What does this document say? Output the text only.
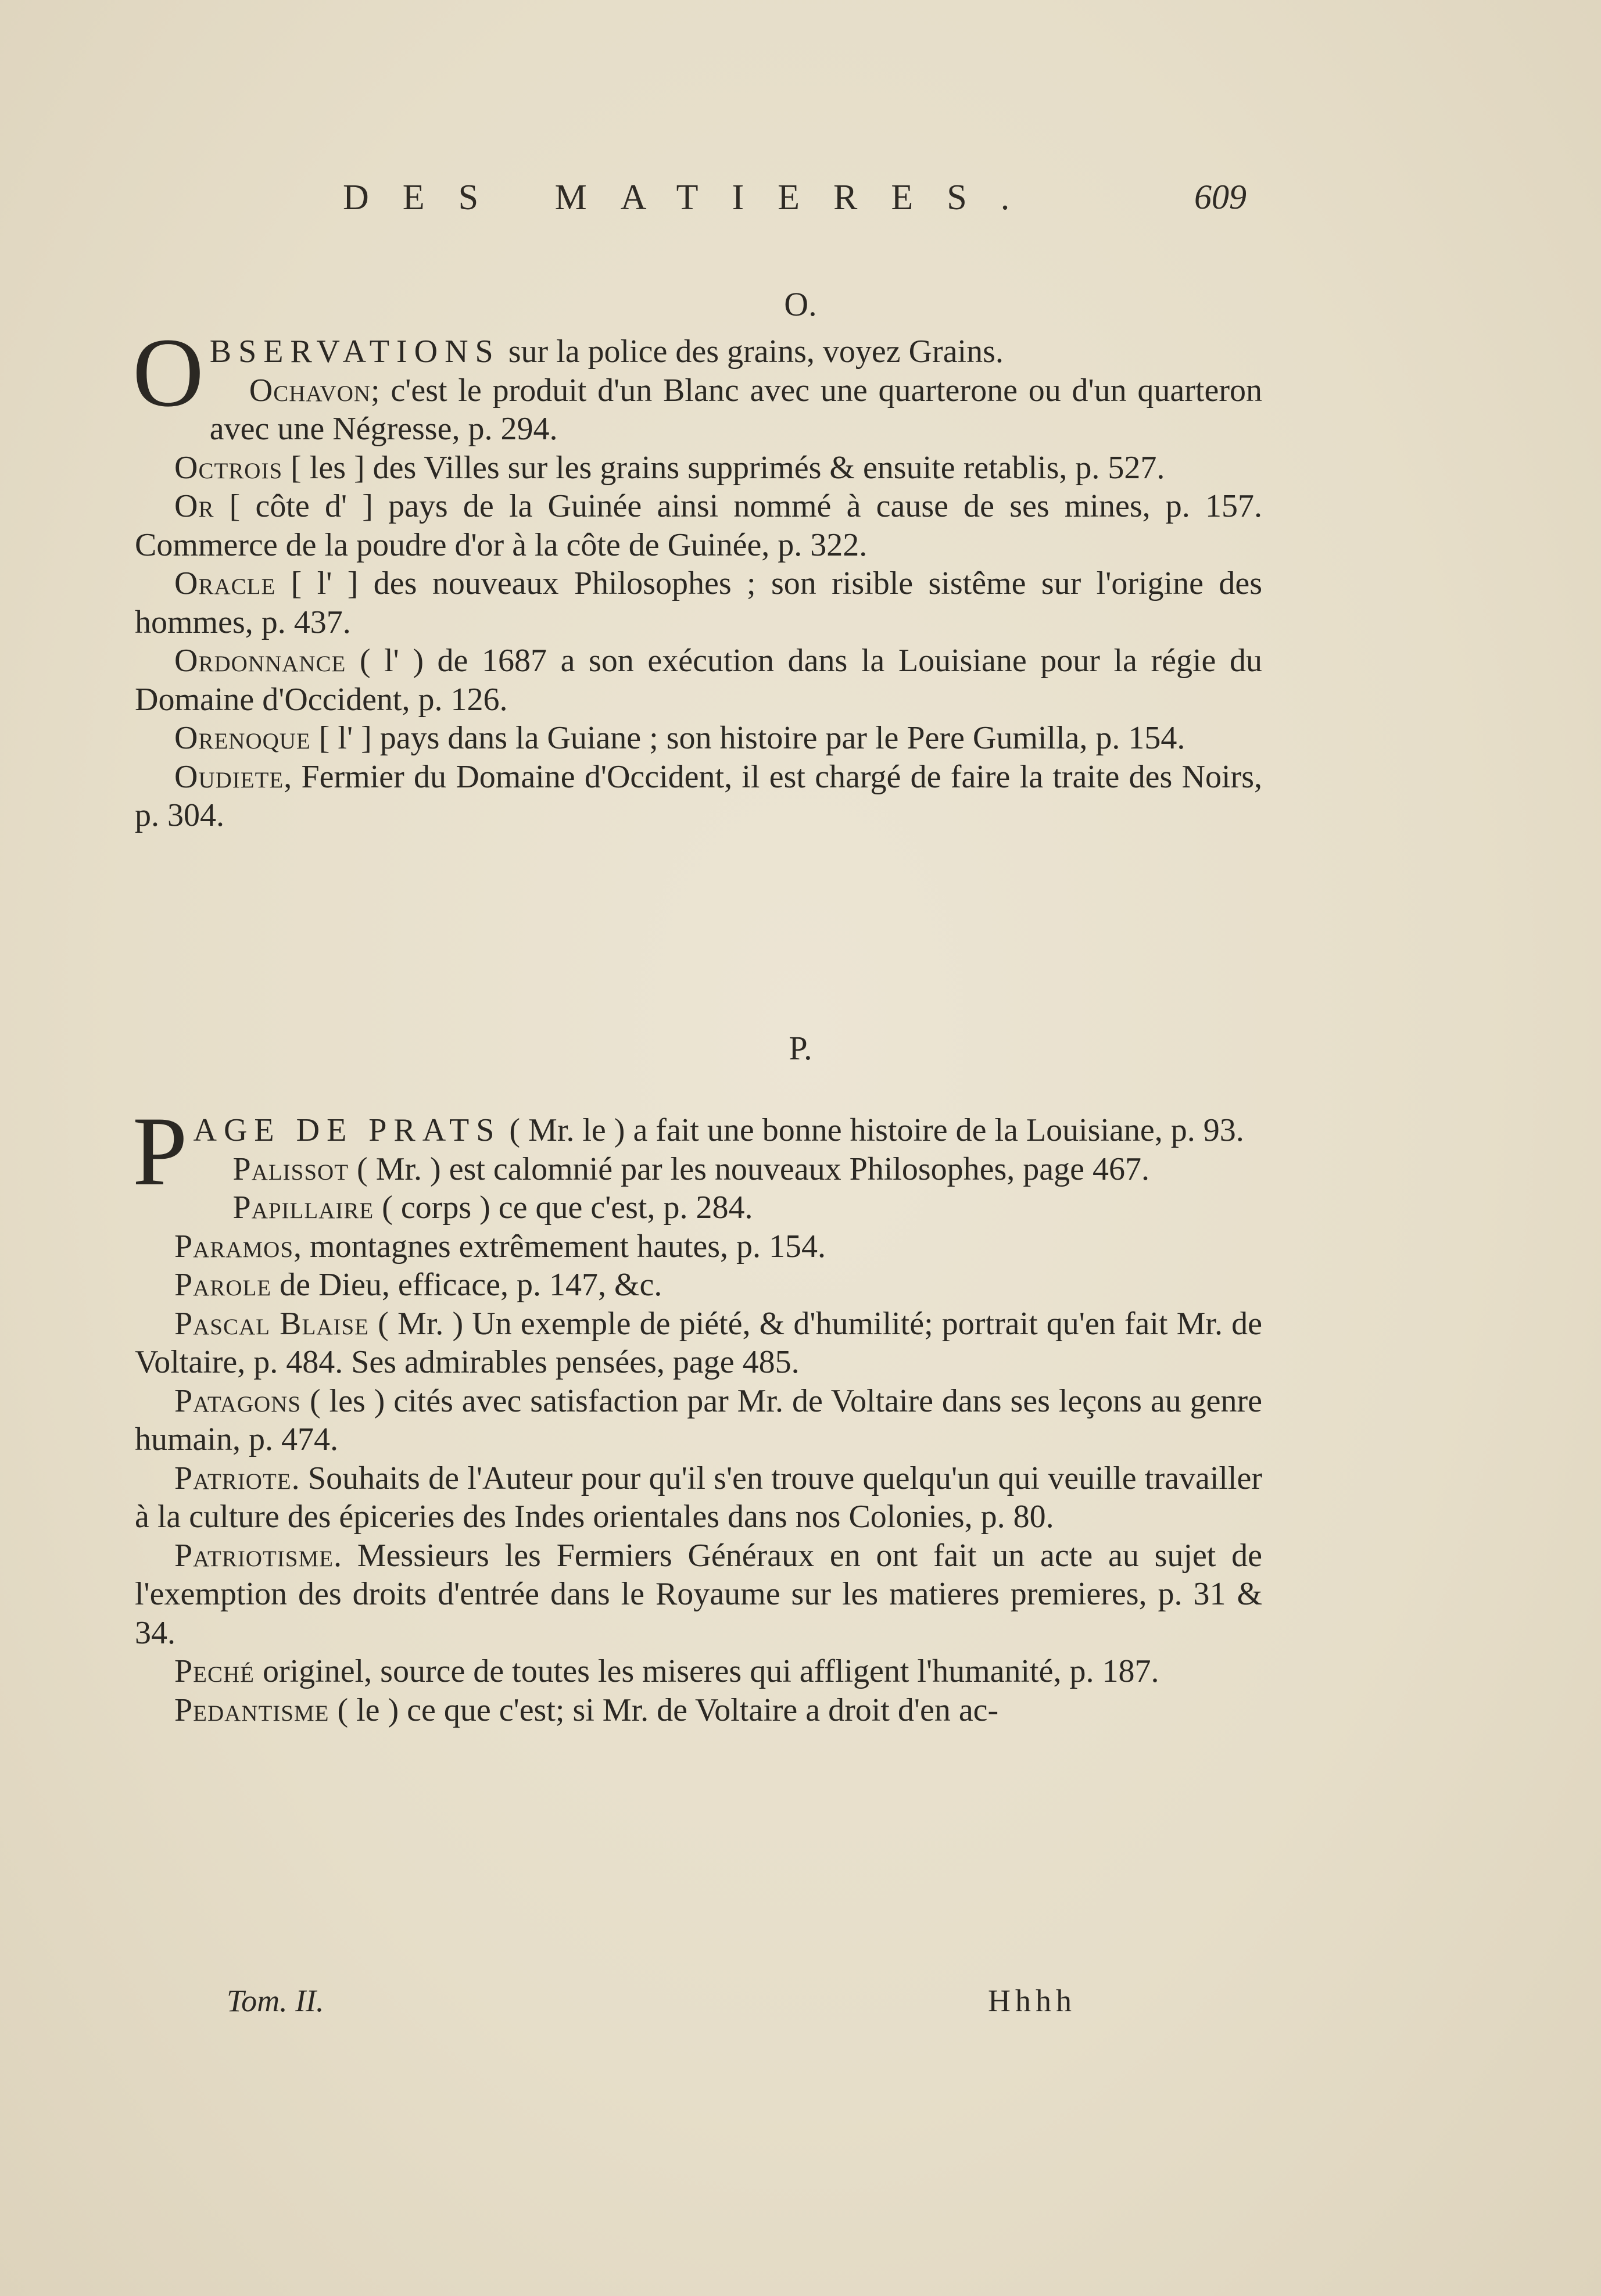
DES MATIERES.	609
O.

OBSERVATIONS sur la police des grains, voyez Grains.

Ochavon; c'est le produit d'un Blanc avec une quarterone ou d'un quarteron avec une Négresse, p. 294.

Octrois [ les ] des Villes sur les grains supprimés & ensuite retablis, p. 527.

Or [ côte d' ] pays de la Guinée ainsi nommé à cause de ses mines, p. 157. Commerce de la poudre d'or à la côte de Guinée, p. 322.

Oracle [ l' ] des nouveaux Philosophes ; son risible sistême sur l'origine des hommes, p. 437.

Ordonnance ( l' ) de 1687 a son exécution dans la Louisiane pour la régie du Domaine d'Occident, p. 126.

Orenoque [ l' ] pays dans la Guiane ; son histoire par le Pere Gumilla, p. 154.

Oudiete, Fermier du Domaine d'Occident, il est chargé de faire la traite des Noirs, p. 304.

P.

PAGE DE PRATS ( Mr. le ) a fait une bonne histoire de la Louisiane, p. 93.

Palissot ( Mr. ) est calomnié par les nouveaux Philosophes, page 467.

Papillaire ( corps ) ce que c'est, p. 284.

Paramos, montagnes extrêmement hautes, p. 154.

Parole de Dieu, efficace, p. 147, &c.

Pascal Blaise ( Mr. ) Un exemple de piété, & d'humilité; portrait qu'en fait Mr. de Voltaire, p. 484. Ses admirables pensées, page 485.

Patagons ( les ) cités avec satisfaction par Mr. de Voltaire dans ses leçons au genre humain, p. 474.

Patriote. Souhaits de l'Auteur pour qu'il s'en trouve quelqu'un qui veuille travailler à la culture des épiceries des Indes orientales dans nos Colonies, p. 80.

Patriotisme. Messieurs les Fermiers Généraux en ont fait un acte au sujet de l'exemption des droits d'entrée dans le Royaume sur les matieres premieres, p. 31 & 34.

Peché originel, source de toutes les miseres qui affligent l'humanité, p. 187.

Pedantisme ( le ) ce que c'est; si Mr. de Voltaire a droit d'en ac-

Tom. II.	Hhhh
